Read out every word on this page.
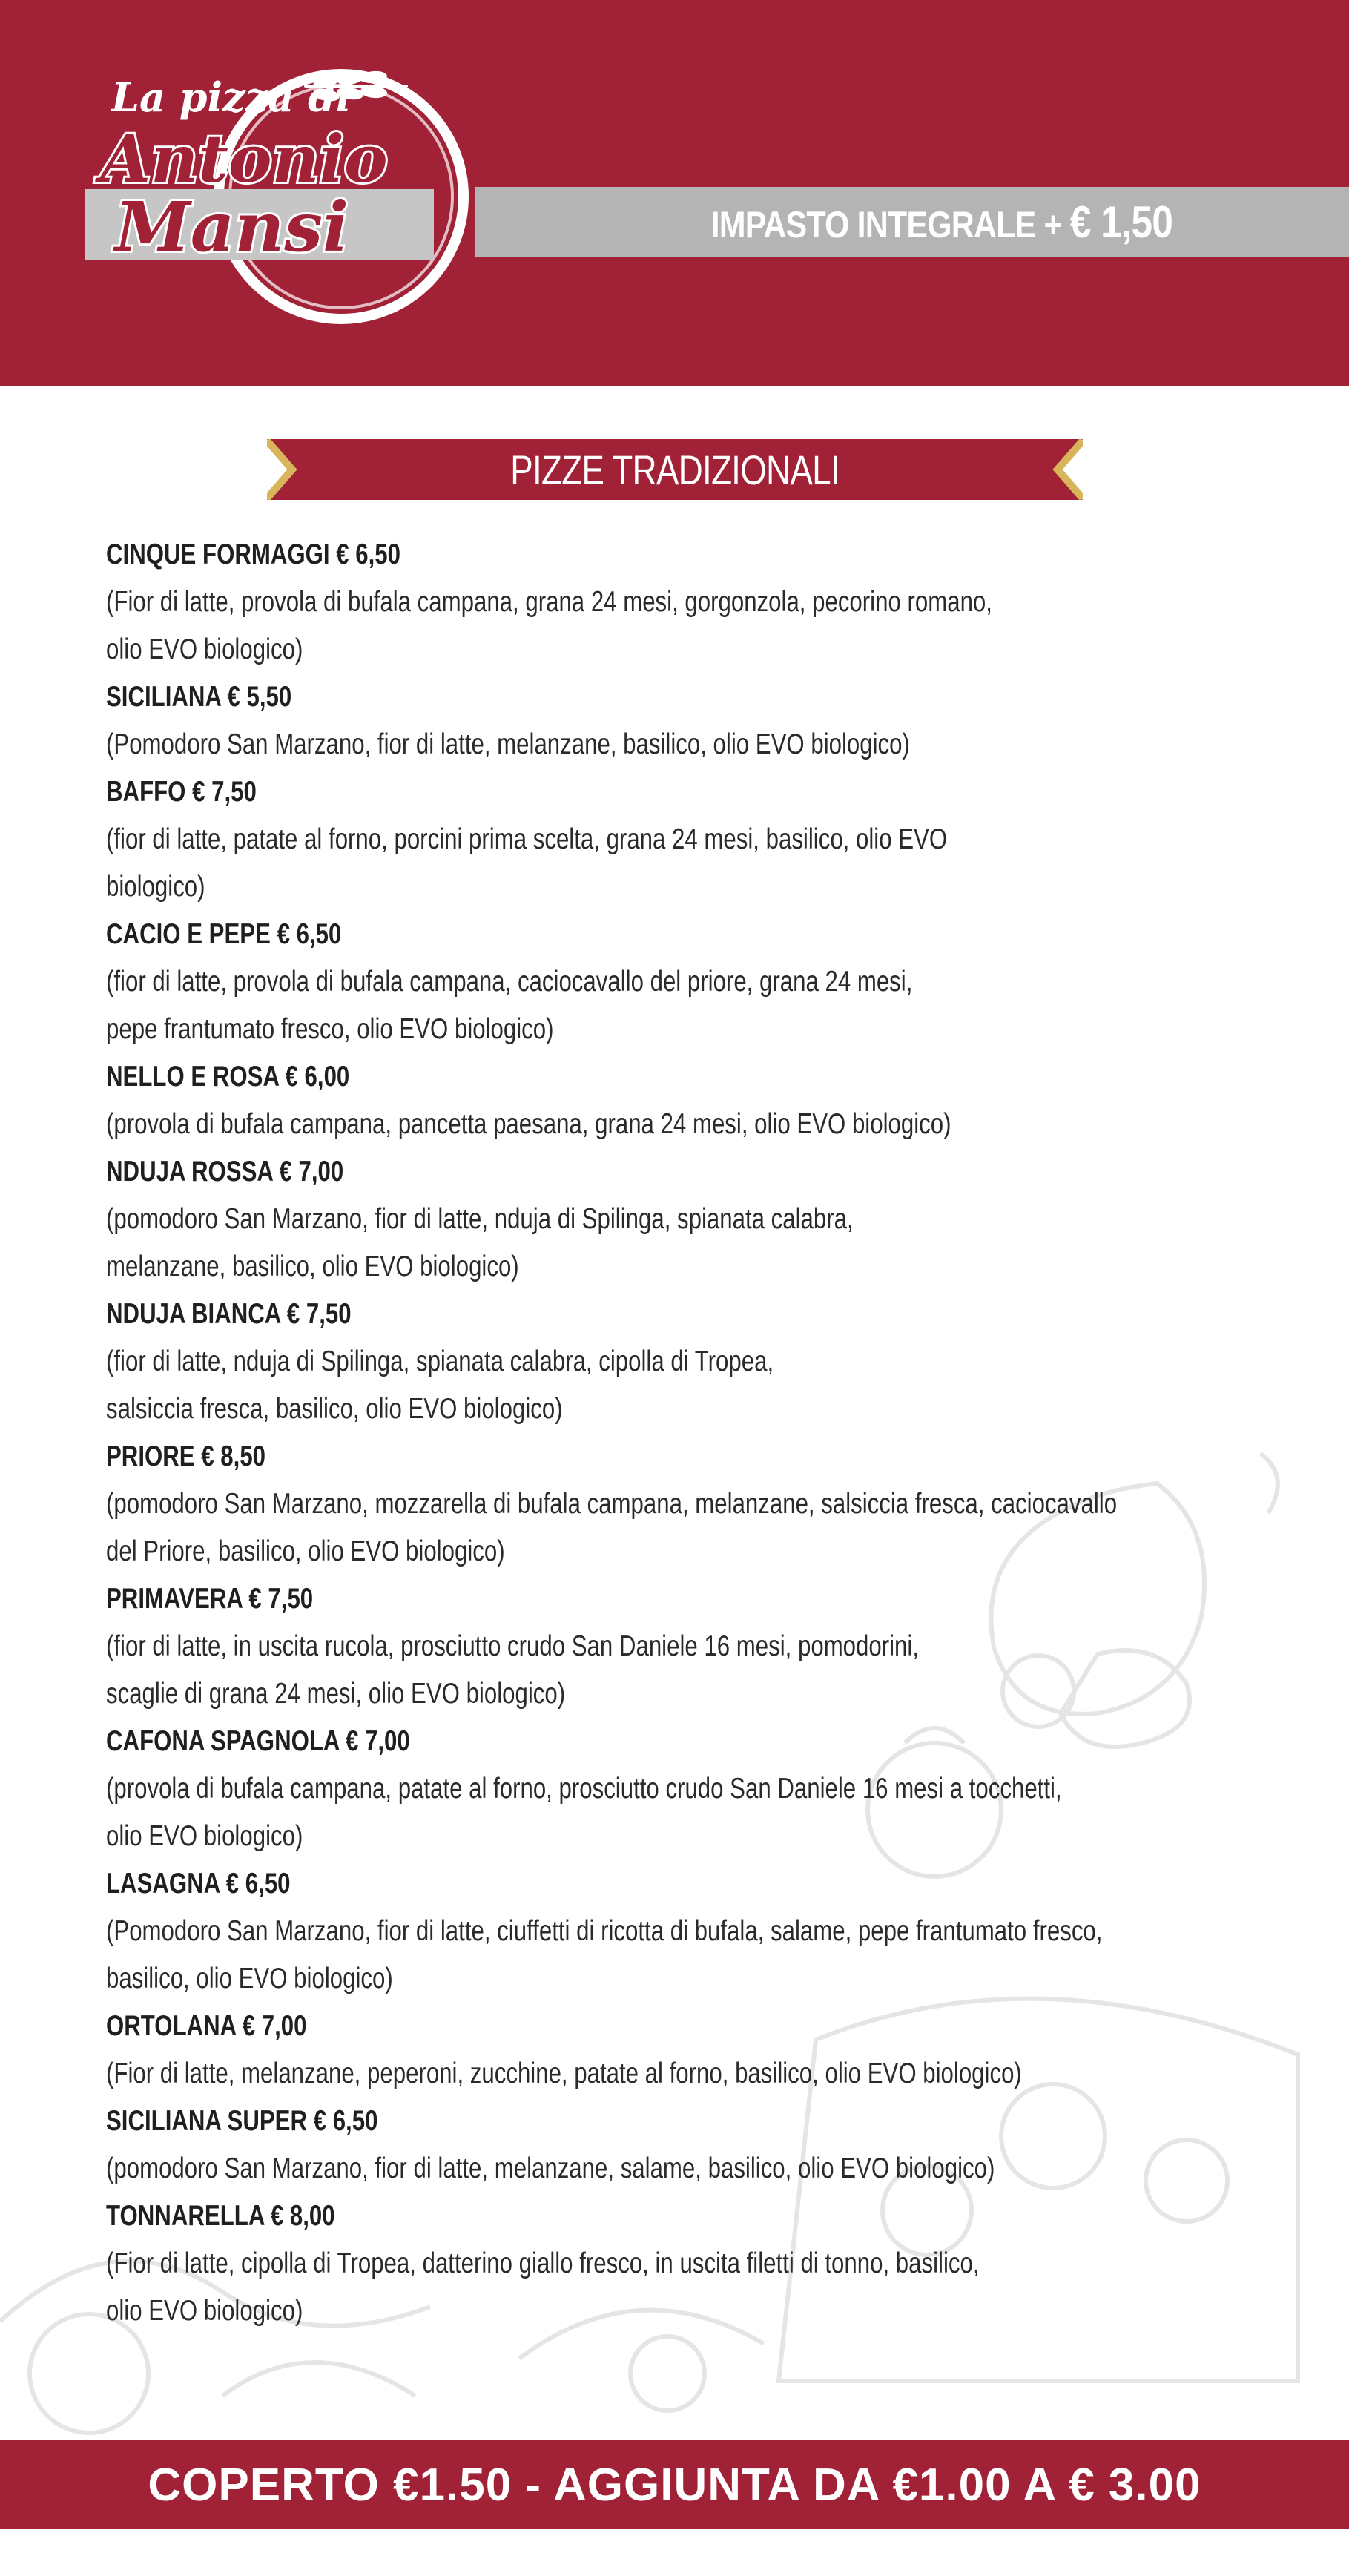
La pizza di
Antonio
Mansi	IMPASTO INTEGRALE + € 1,50
PIZZE TRADIZIONALI
CINQUE FORMAGGI € 6,50
(Fior di latte, provola di bufala campana, grana 24 mesi, gorgonzola, pecorino romano,
olio EVO biologico)
SICILIANA € 5,50
(Pomodoro San Marzano, fior di latte, melanzane, basilico, olio EVO biologico)
BAFFO € 7,50
(fior di latte, patate al forno, porcini prima scelta, grana 24 mesi, basilico, olio EVO
biologico)
CACIO E PEPE € 6,50
(fior di latte, provola di bufala campana, caciocavallo del priore, grana 24 mesi,
pepe frantumato fresco, olio EVO biologico)
NELLO E ROSA € 6,00
(provola di bufala campana, pancetta paesana, grana 24 mesi, olio EVO biologico)
NDUJA ROSSA € 7,00
(pomodoro San Marzano, fior di latte, nduja di Spilinga, spianata calabra,
melanzane, basilico, olio EVO biologico)
NDUJA BIANCA € 7,50
(fior di latte, nduja di Spilinga, spianata calabra, cipolla di Tropea,
salsiccia fresca, basilico, olio EVO biologico)
PRIORE € 8,50
(pomodoro San Marzano, mozzarella di bufala campana, melanzane, salsiccia fresca, caciocavallo
del Priore, basilico, olio EVO biologico)
PRIMAVERA € 7,50
(fior di latte, in uscita rucola, prosciutto crudo San Daniele 16 mesi, pomodorini,
scaglie di grana 24 mesi, olio EVO biologico)
CAFONA SPAGNOLA € 7,00
(provola di bufala campana, patate al forno, prosciutto crudo San Daniele 16 mesi a tocchetti,
olio EVO biologico)
LASAGNA € 6,50
(Pomodoro San Marzano, fior di latte, ciuffetti di ricotta di bufala, salame, pepe frantumato fresco,
basilico, olio EVO biologico)
ORTOLANA € 7,00
(Fior di latte, melanzane, peperoni, zucchine, patate al forno, basilico, olio EVO biologico)
SICILIANA SUPER € 6,50
(pomodoro San Marzano, fior di latte, melanzane, salame, basilico, olio EVO biologico)
TONNARELLA € 8,00
(Fior di latte, cipolla di Tropea, datterino giallo fresco, in uscita filetti di tonno, basilico,
olio EVO biologico)
COPERTO €1.50 - AGGIUNTA DA €1.00 A € 3.00
